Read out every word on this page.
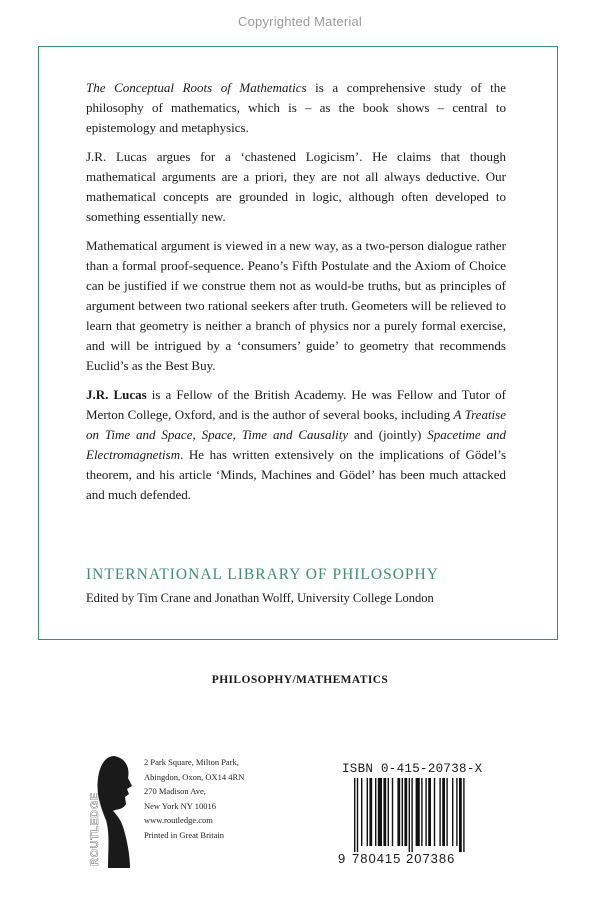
Copyrighted Material

The Conceptual Roots of Mathematics is a comprehensive study of the philosophy of mathematics, which is – as the book shows – central to epistemology and metaphysics.

J.R. Lucas argues for a ‘chastened Logicism’. He claims that though mathematical arguments are a priori, they are not all always deductive. Our mathematical concepts are grounded in logic, although often developed to something essentially new.

Mathematical argument is viewed in a new way, as a two-person dialogue rather than a formal proof-sequence. Peano’s Fifth Postulate and the Axiom of Choice can be justified if we construe them not as would-be truths, but as principles of argument between two rational seekers after truth. Geometers will be relieved to learn that geometry is neither a branch of physics nor a purely formal exercise, and will be intrigued by a ‘consumers’ guide’ to geometry that recommends Euclid’s as the Best Buy.

J.R. Lucas is a Fellow of the British Academy. He was Fellow and Tutor of Merton College, Oxford, and is the author of several books, including A Treatise on Time and Space, Space, Time and Causality and (jointly) Spacetime and Electromagnetism. He has written extensively on the implications of Gödel’s theorem, and his article ‘Minds, Machines and Gödel’ has been much attacked and much defended.

INTERNATIONAL LIBRARY OF PHILOSOPHY
Edited by Tim Crane and Jonathan Wolff, University College London
PHILOSOPHY/MATHEMATICS
ROUTLEDGE
2 Park Square, Milton Park,
Abingdon, Oxon, OX14 4RN
270 Madison Ave,
New York NY 10016
www.routledge.com
Printed in Great Britain
ISBN 0-415-20738-X
9 780415 207386
